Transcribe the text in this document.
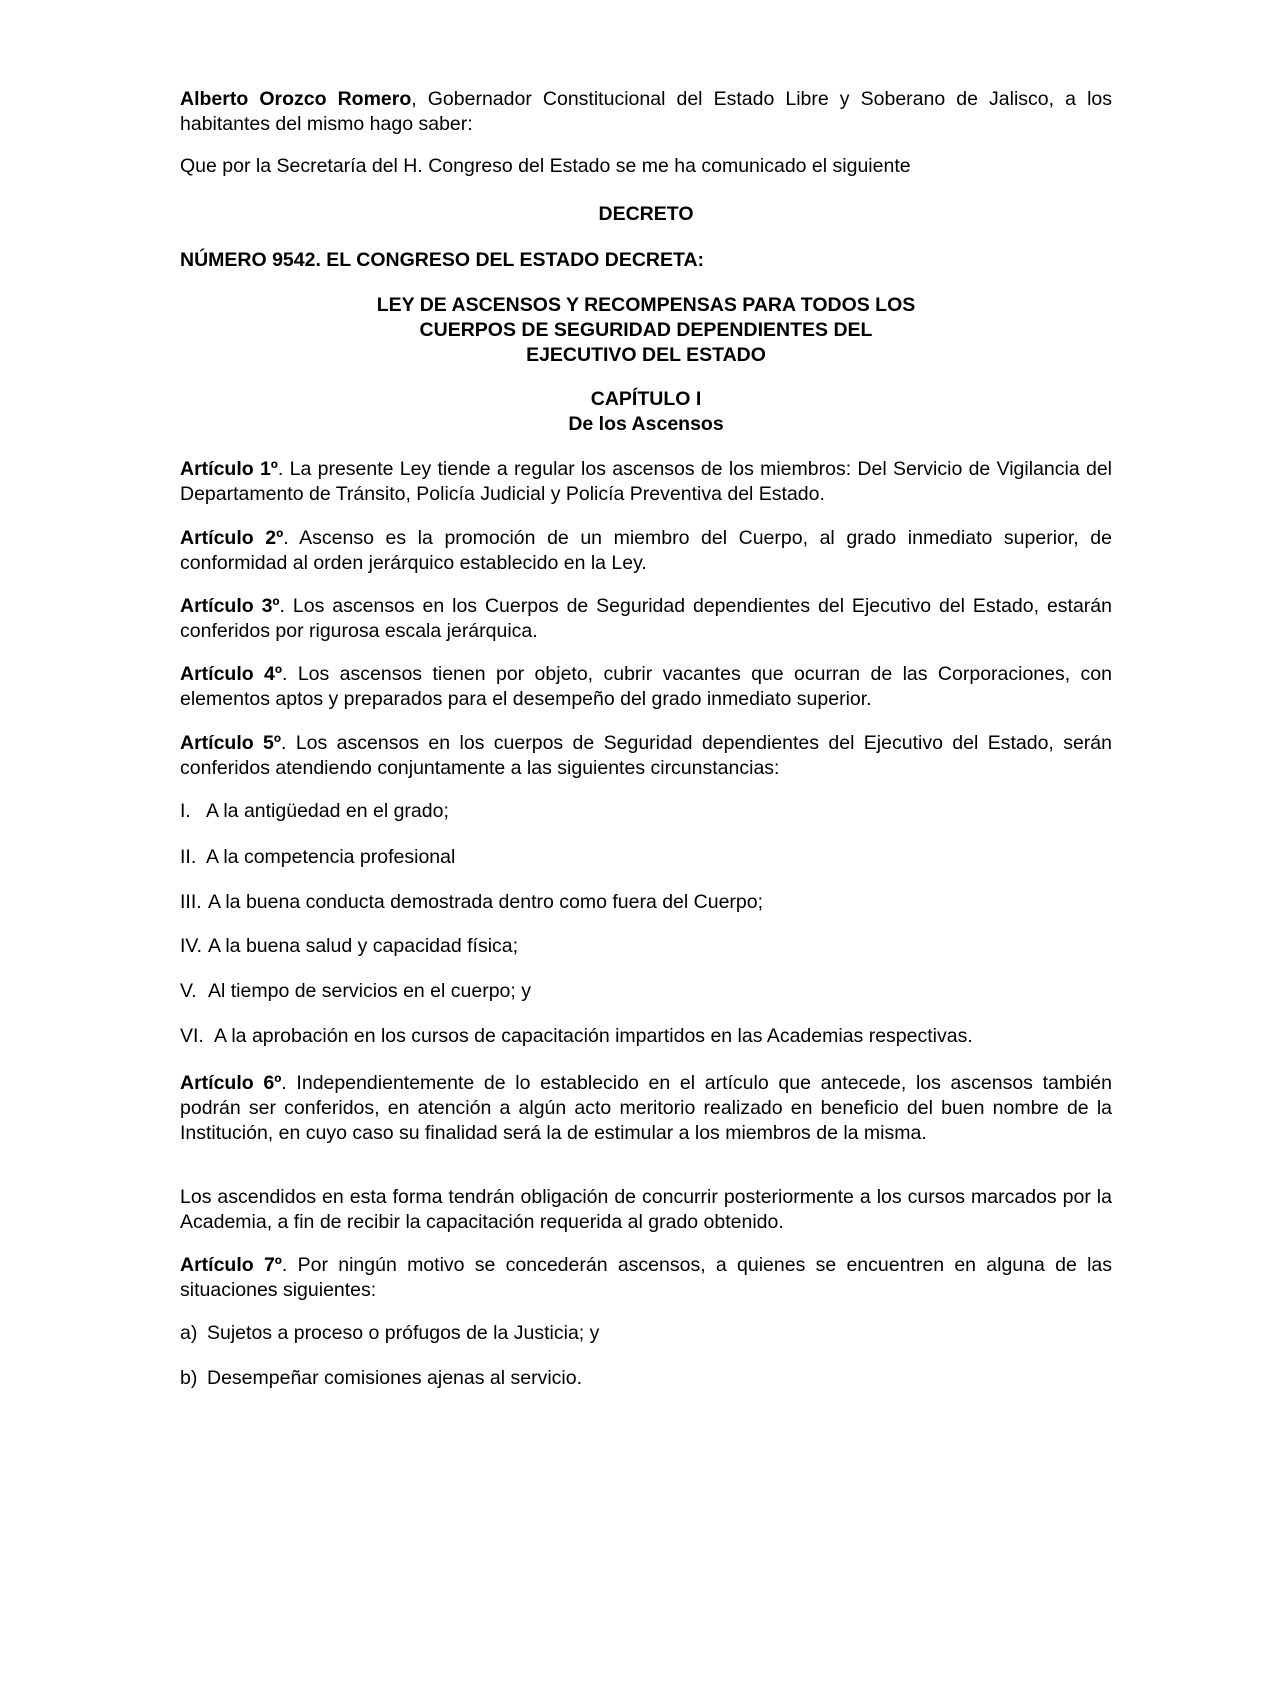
Alberto Orozco Romero, Gobernador Constitucional del Estado Libre y Soberano de Jalisco, a los habitantes del mismo hago saber:

Que por la Secretaría del H. Congreso del Estado se me ha comunicado el siguiente

DECRETO

NÚMERO 9542. EL CONGRESO DEL ESTADO DECRETA:

LEY DE ASCENSOS Y RECOMPENSAS PARA TODOS LOS
CUERPOS DE SEGURIDAD DEPENDIENTES DEL
EJECUTIVO DEL ESTADO
CAPÍTULO I
De los Ascensos

Artículo 1º. La presente Ley tiende a regular los ascensos de los miembros: Del Servicio de Vigilancia del Departamento de Tránsito, Policía Judicial y Policía Preventiva del Estado.

Artículo 2º. Ascenso es la promoción de un miembro del Cuerpo, al grado inmediato superior, de conformidad al orden jerárquico establecido en la Ley.

Artículo 3º. Los ascensos en los Cuerpos de Seguridad dependientes del Ejecutivo del Estado, estarán conferidos por rigurosa escala jerárquica.

Artículo 4º. Los ascensos tienen por objeto, cubrir vacantes que ocurran de las Corporaciones, con elementos aptos y preparados para el desempeño del grado inmediato superior.

Artículo 5º. Los ascensos en los cuerpos de Seguridad dependientes del Ejecutivo del Estado, serán conferidos atendiendo conjuntamente a las siguientes circunstancias:

I. A la antigüedad en el grado;

II. A la competencia profesional

III. A la buena conducta demostrada dentro como fuera del Cuerpo;

IV. A la buena salud y capacidad física;

V. Al tiempo de servicios en el cuerpo; y

VI. A la aprobación en los cursos de capacitación impartidos en las Academias respectivas.

Artículo 6º. Independientemente de lo establecido en el artículo que antecede, los ascensos también podrán ser conferidos, en atención a algún acto meritorio realizado en beneficio del buen nombre de la Institución, en cuyo caso su finalidad será la de estimular a los miembros de la misma.

Los ascendidos en esta forma tendrán obligación de concurrir posteriormente a los cursos marcados por la Academia, a fin de recibir la capacitación requerida al grado obtenido.

Artículo 7º. Por ningún motivo se concederán ascensos, a quienes se encuentren en alguna de las situaciones siguientes:

a) Sujetos a proceso o prófugos de la Justicia; y

b) Desempeñar comisiones ajenas al servicio.
